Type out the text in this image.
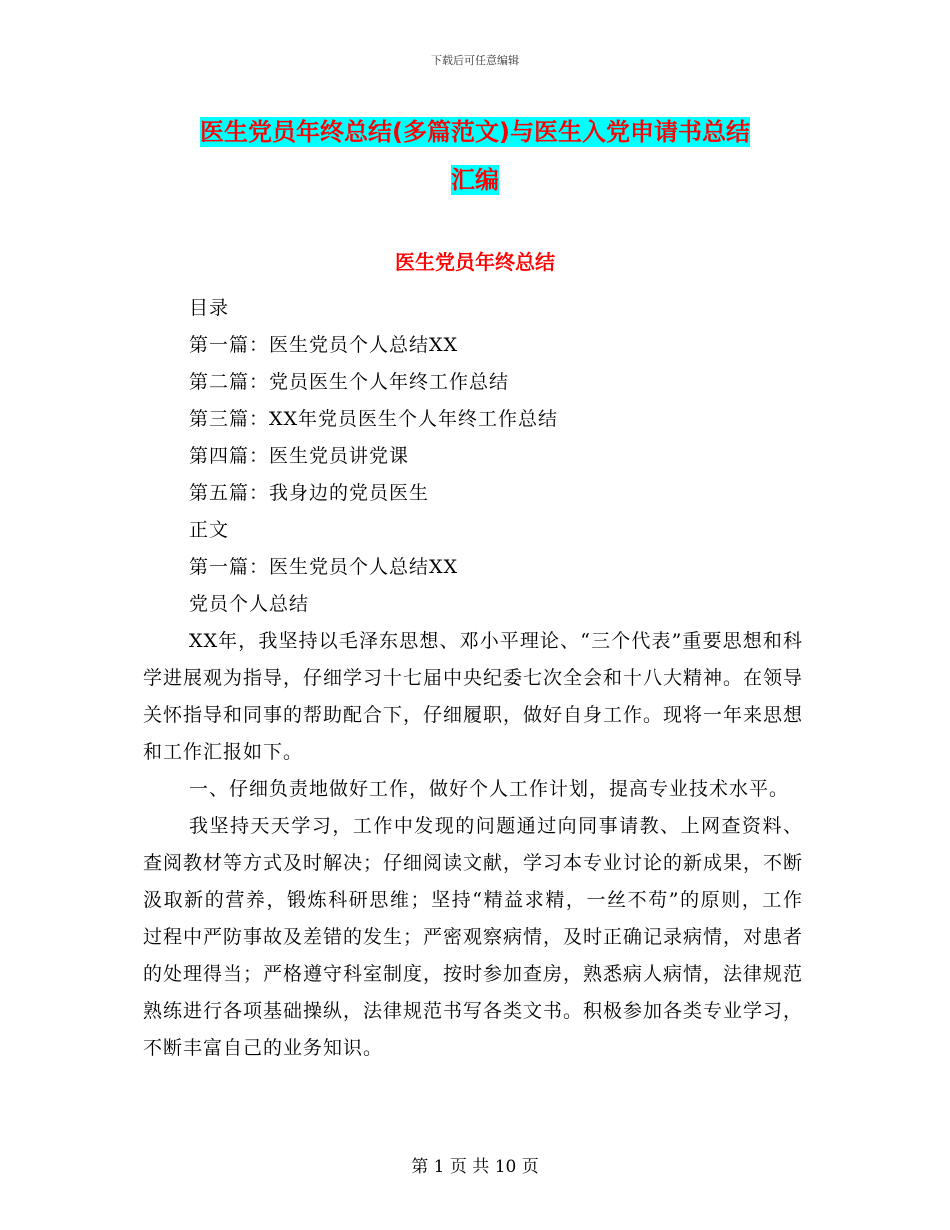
下载后可任意编辑
医生党员年终总结(多篇范文)与医生入党申请书总结
汇编
医生党员年终总结

目录

第一篇：医生党员个人总结XX

第二篇：党员医生个人年终工作总结

第三篇：XX年党员医生个人年终工作总结

第四篇：医生党员讲党课

第五篇：我身边的党员医生

正文

第一篇：医生党员个人总结XX

党员个人总结

XX年，我坚持以毛泽东思想、邓小平理论、“三个代表”重要思想和科学进展观为指导，仔细学习十七届中央纪委七次全会和十八大精神。在领导关怀指导和同事的帮助配合下，仔细履职，做好自身工作。现将一年来思想和工作汇报如下。

一、仔细负责地做好工作，做好个人工作计划，提高专业技术水平。

我坚持天天学习，工作中发现的问题通过向同事请教、上网查资料、查阅教材等方式及时解决；仔细阅读文献，学习本专业讨论的新成果，不断汲取新的营养，锻炼科研思维；坚持“精益求精，一丝不苟”的原则，工作过程中严防事故及差错的发生；严密观察病情，及时正确记录病情，对患者的处理得当；严格遵守科室制度，按时参加查房，熟悉病人病情，法律规范熟练进行各项基础操纵，法律规范书写各类文书。积极参加各类专业学习，不断丰富自己的业务知识。

第 1 页 共 10 页
